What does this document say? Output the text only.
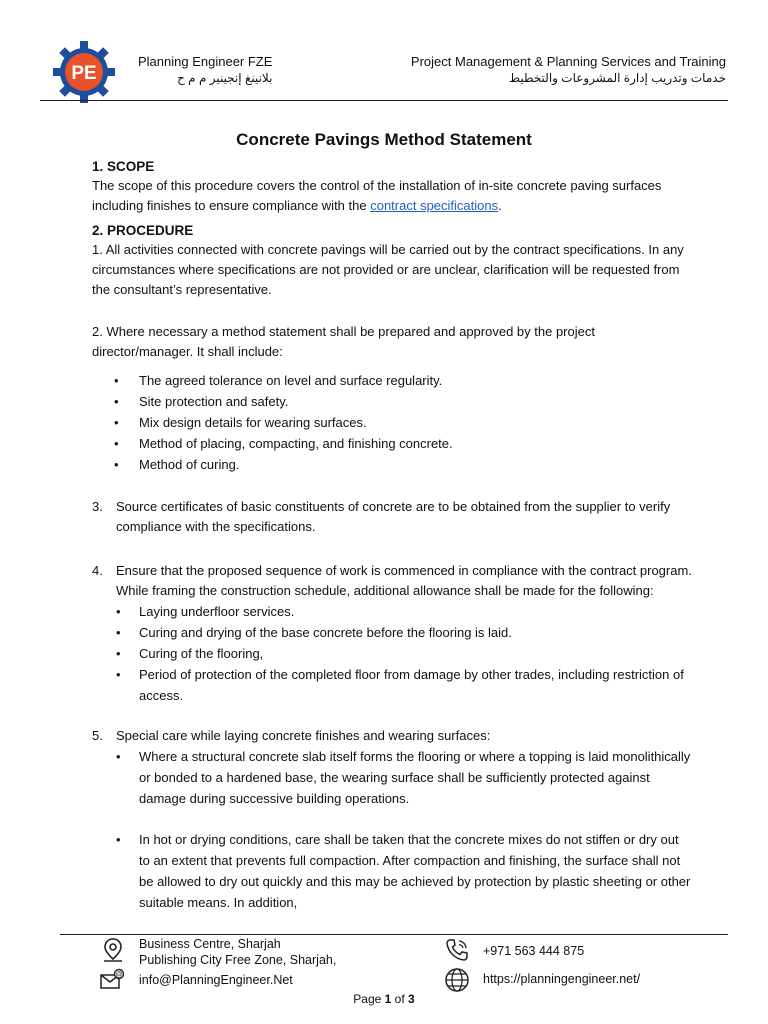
PE
Planning Engineer FZE
بلانينغ إنجينير م م ح
Project Management & Planning Services and Training
خدمات وتدريب إدارة المشروعات والتخطيط
Concrete Pavings Method Statement
1. SCOPE

The scope of this procedure covers the control of the installation of in-site concrete paving surfaces including finishes to ensure compliance with the contract specifications.

2. PROCEDURE

1. All activities connected with concrete pavings will be carried out by the contract specifications. In any circumstances where specifications are not provided or are unclear, clarification will be requested from the consultant’s representative.

2. Where necessary a method statement shall be prepared and approved by the project director/manager. It shall include:

• The agreed tolerance on level and surface regularity.
• Site protection and safety.
• Mix design details for wearing surfaces.
• Method of placing, compacting, and finishing concrete.
• Method of curing.
3. Source certificates of basic constituents of concrete are to be obtained from the supplier to verify compliance with the specifications.
4. Ensure that the proposed sequence of work is commenced in compliance with the contract program. While framing the construction schedule, additional allowance shall be made for the following:
• Laying underfloor services.
• Curing and drying of the base concrete before the flooring is laid.
• Curing of the flooring,
• Period of protection of the completed floor from damage by other trades, including restriction of access.
5. Special care while laying concrete finishes and wearing surfaces:
• Where a structural concrete slab itself forms the flooring or where a topping is laid monolithically or bonded to a hardened base, the wearing surface shall be sufficiently protected against damage during successive building operations.
• In hot or drying conditions, care shall be taken that the concrete mixes do not stiffen or dry out to an extent that prevents full compaction. After compaction and finishing, the surface shall not be allowed to dry out quickly and this may be achieved by protection by plastic sheeting or other suitable means. In addition,
@
Business Centre, Sharjah
Publishing City Free Zone, Sharjah,
info@PlanningEngineer.Net
+971 563 444 875
https://planningengineer.net/
Page 1 of 3
